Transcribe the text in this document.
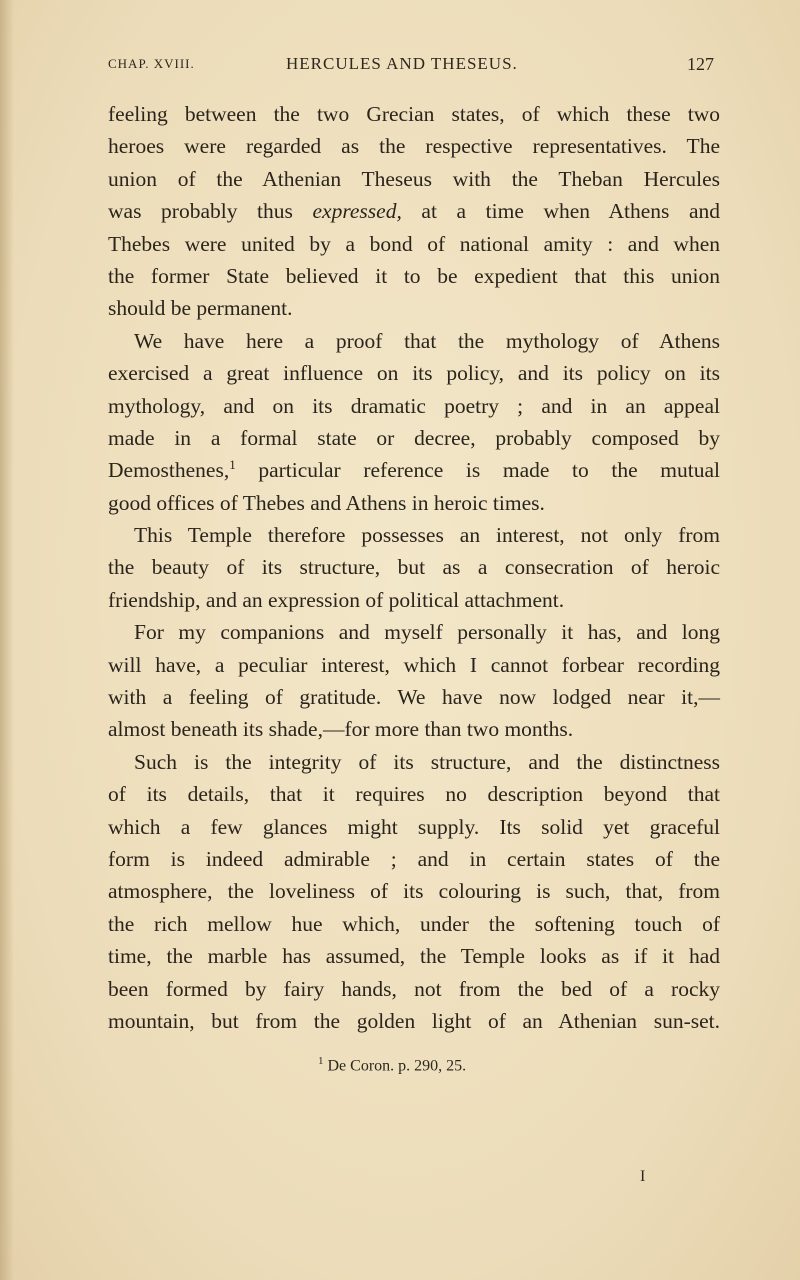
CHAP. XVIII.	HERCULES AND THESEUS.	127
feeling between the two Grecian states, of which these two
heroes were regarded as the respective representatives. The
union of the Athenian Theseus with the Theban Hercules
was probably thus expressed, at a time when Athens and
Thebes were united by a bond of national amity : and when
the former State believed it to be expedient that this union
should be permanent.
We have here a proof that the mythology of Athens
exercised a great influence on its policy, and its policy on its
mythology, and on its dramatic poetry ; and in an appeal
made in a formal state or decree, probably composed by
Demosthenes,$^1$ particular reference is made to the mutual
good offices of Thebes and Athens in heroic times.
This Temple therefore possesses an interest, not only from
the beauty of its structure, but as a consecration of heroic
friendship, and an expression of political attachment.
For my companions and myself personally it has, and long
will have, a peculiar interest, which I cannot forbear recording
with a feeling of gratitude. We have now lodged near it,—
almost beneath its shade,—for more than two months.
Such is the integrity of its structure, and the distinctness
of its details, that it requires no description beyond that
which a few glances might supply. Its solid yet graceful
form is indeed admirable ; and in certain states of the
atmosphere, the loveliness of its colouring is such, that, from
the rich mellow hue which, under the softening touch of
time, the marble has assumed, the Temple looks as if it had
been formed by fairy hands, not from the bed of a rocky
mountain, but from the golden light of an Athenian sun-set.
$^1$ De Coron. p. 290, 25.
I
